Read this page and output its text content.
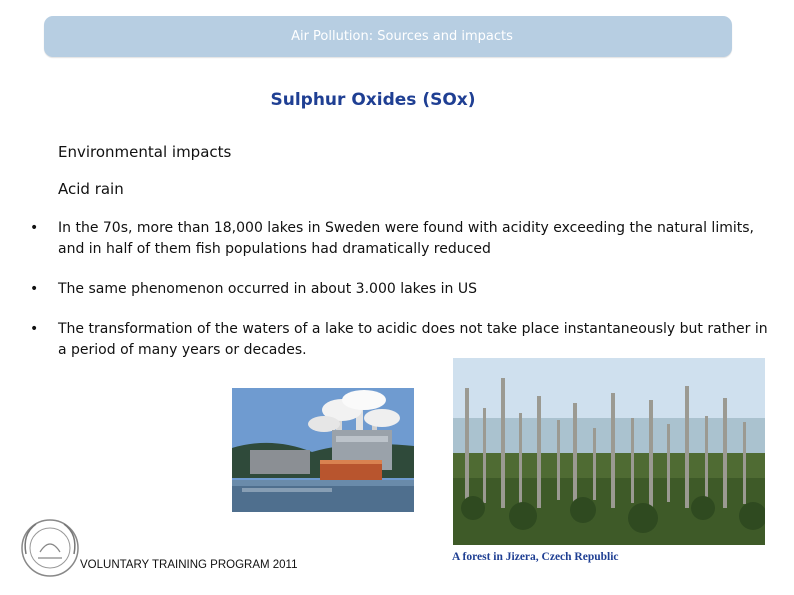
Air Pollution: Sources and impacts
Sulphur Oxides (SOx)
Environmental impacts
Acid rain
• In the 70s, more than 18,000 lakes in Sweden were found with acidity exceeding the natural limits, and in half of them fish populations had dramatically reduced
• The same phenomenon occurred in about 3.000 lakes in US
• The transformation of the waters of a lake to acidic does not take place instantaneously but rather in a period of many years or decades.
A forest in Jizera, Czech Republic
VOLUNTARY TRAINING PROGRAM 2011
